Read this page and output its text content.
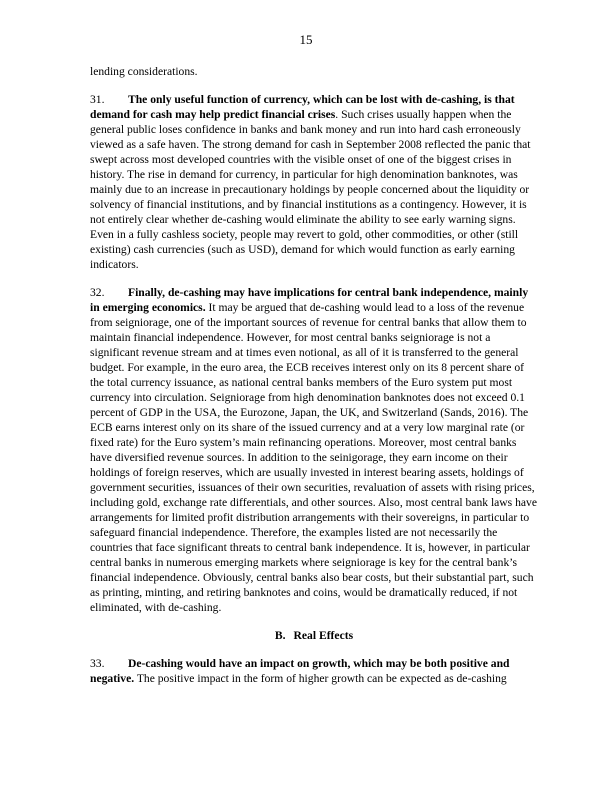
15

lending considerations.

31. The only useful function of currency, which can be lost with de-cashing, is that demand for cash may help predict financial crises. Such crises usually happen when the general public loses confidence in banks and bank money and run into hard cash erroneously viewed as a safe haven. The strong demand for cash in September 2008 reflected the panic that swept across most developed countries with the visible onset of one of the biggest crises in history. The rise in demand for currency, in particular for high denomination banknotes, was mainly due to an increase in precautionary holdings by people concerned about the liquidity or solvency of financial institutions, and by financial institutions as a contingency. However, it is not entirely clear whether de-cashing would eliminate the ability to see early warning signs. Even in a fully cashless society, people may revert to gold, other commodities, or other (still existing) cash currencies (such as USD), demand for which would function as early earning indicators.

32. Finally, de-cashing may have implications for central bank independence, mainly in emerging economics. It may be argued that de-cashing would lead to a loss of the revenue from seigniorage, one of the important sources of revenue for central banks that allow them to maintain financial independence. However, for most central banks seigniorage is not a significant revenue stream and at times even notional, as all of it is transferred to the general budget. For example, in the euro area, the ECB receives interest only on its 8 percent share of the total currency issuance, as national central banks members of the Euro system put most currency into circulation. Seigniorage from high denomination banknotes does not exceed 0.1 percent of GDP in the USA, the Eurozone, Japan, the UK, and Switzerland (Sands, 2016). The ECB earns interest only on its share of the issued currency and at a very low marginal rate (or fixed rate) for the Euro system’s main refinancing operations. Moreover, most central banks have diversified revenue sources. In addition to the seinigorage, they earn income on their holdings of foreign reserves, which are usually invested in interest bearing assets, holdings of government securities, issuances of their own securities, revaluation of assets with rising prices, including gold, exchange rate differentials, and other sources. Also, most central bank laws have arrangements for limited profit distribution arrangements with their sovereigns, in particular to safeguard financial independence. Therefore, the examples listed are not necessarily the countries that face significant threats to central bank independence. It is, however, in particular central banks in numerous emerging markets where seigniorage is key for the central bank’s financial independence. Obviously, central banks also bear costs, but their substantial part, such as printing, minting, and retiring banknotes and coins, would be dramatically reduced, if not eliminated, with de-cashing.

B. Real Effects

33. De-cashing would have an impact on growth, which may be both positive and negative. The positive impact in the form of higher growth can be expected as de-cashing
